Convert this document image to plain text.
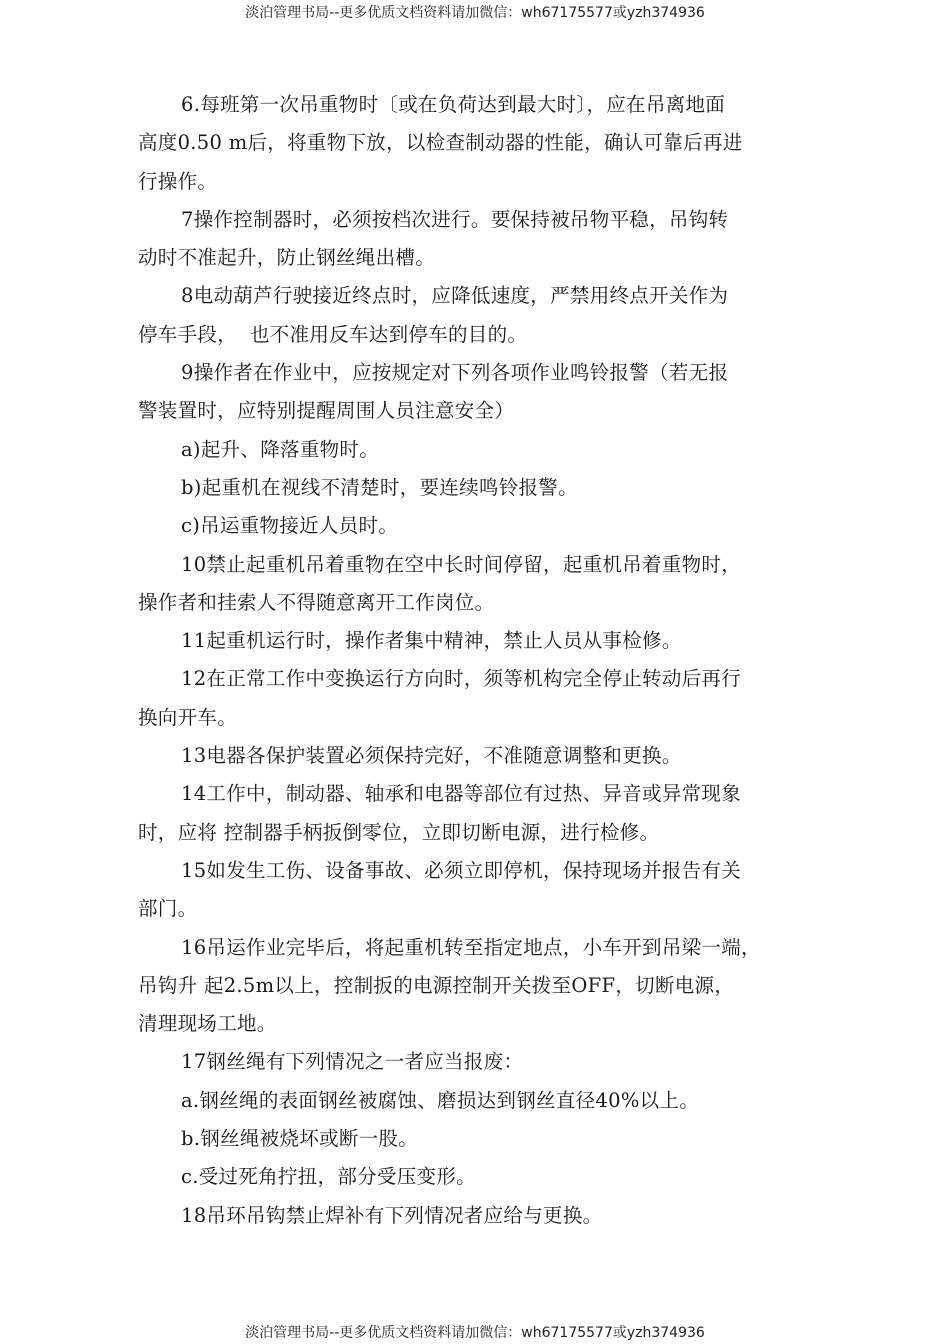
淡泊管理书局--更多优质文档资料请加微信：wh67175577或yzh374936

6.每班第一次吊重物时〔或在负荷达到最大时〕，应在吊离地面

高度0.50 m后，将重物下放，以检查制动器的性能，确认可靠后再进

行操作。

7操作控制器时，必须按档次进行。要保持被吊物平稳，吊钩转

动时不准起升，防止钢丝绳出槽。

8电动葫芦行驶接近终点时，应降低速度，严禁用终点开关作为

停车手段，  也不准用反车达到停车的目的。

9操作者在作业中，应按规定对下列各项作业鸣铃报警（若无报

警装置时，应特别提醒周围人员注意安全）

a)起升、降落重物时。

b)起重机在视线不清楚时，要连续鸣铃报警。

c)吊运重物接近人员时。

10禁止起重机吊着重物在空中长时间停留，起重机吊着重物时，

操作者和挂索人不得随意离开工作岗位。

11起重机运行时，操作者集中精神，禁止人员从事检修。

12在正常工作中变换运行方向时，须等机构完全停止转动后再行

换向开车。

13电器各保护装置必须保持完好，不准随意调整和更换。

14工作中，制动器、轴承和电器等部位有过热、异音或异常现象

时，应将 控制器手柄扳倒零位，立即切断电源，进行检修。

15如发生工伤、设备事故、必须立即停机，保持现场并报告有关

部门。

16吊运作业完毕后，将起重机转至指定地点，小车开到吊梁一端，

吊钩升 起2.5m以上，控制扳的电源控制开关拨至OFF，切断电源，

清理现场工地。

17钢丝绳有下列情况之一者应当报废：

a.钢丝绳的表面钢丝被腐蚀、磨损达到钢丝直径40%以上。

b.钢丝绳被烧坏或断一股。

c.受过死角拧扭，部分受压变形。

18吊环吊钩禁止焊补有下列情况者应给与更换。

淡泊管理书局--更多优质文档资料请加微信：wh67175577或yzh374936
